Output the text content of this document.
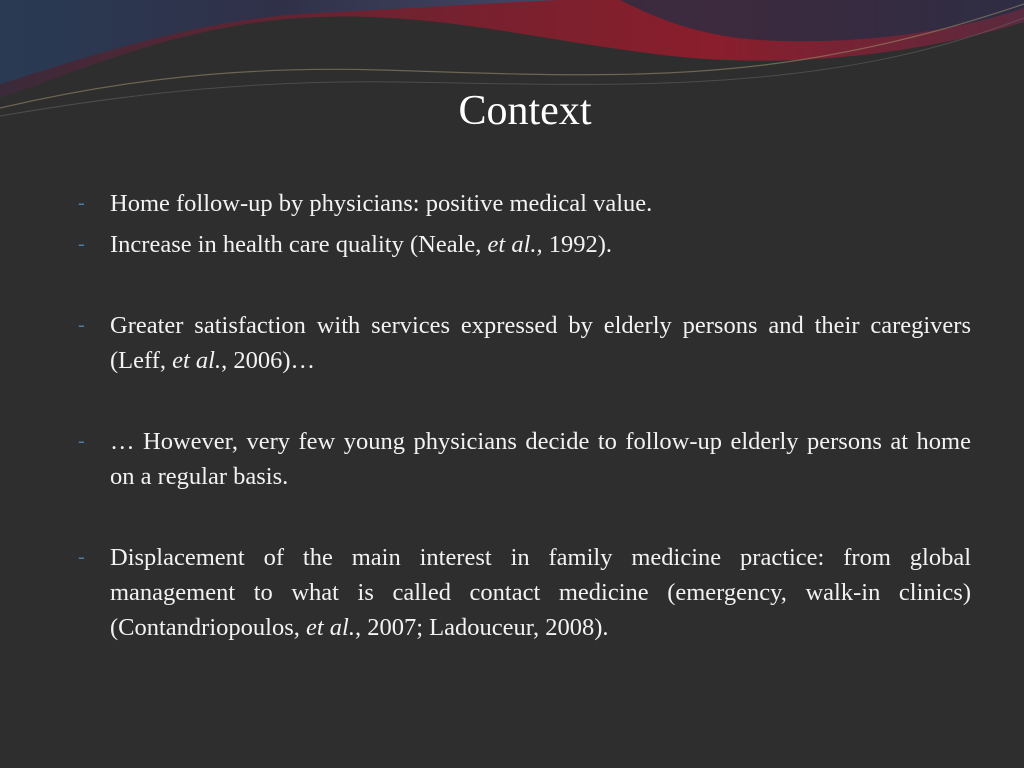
Context
- Home follow-up by physicians: positive medical value.
- Increase in health care quality (Neale, et al., 1992).
- Greater satisfaction with services expressed by elderly persons and their caregivers (Leff, et al., 2006)…
- … However, very few young physicians decide to follow-up elderly persons at home on a regular basis.
- Displacement of the main interest in family medicine practice: from global management to what is called contact medicine (emergency, walk-in clinics) (Contandriopoulos, et al., 2007; Ladouceur, 2008).
